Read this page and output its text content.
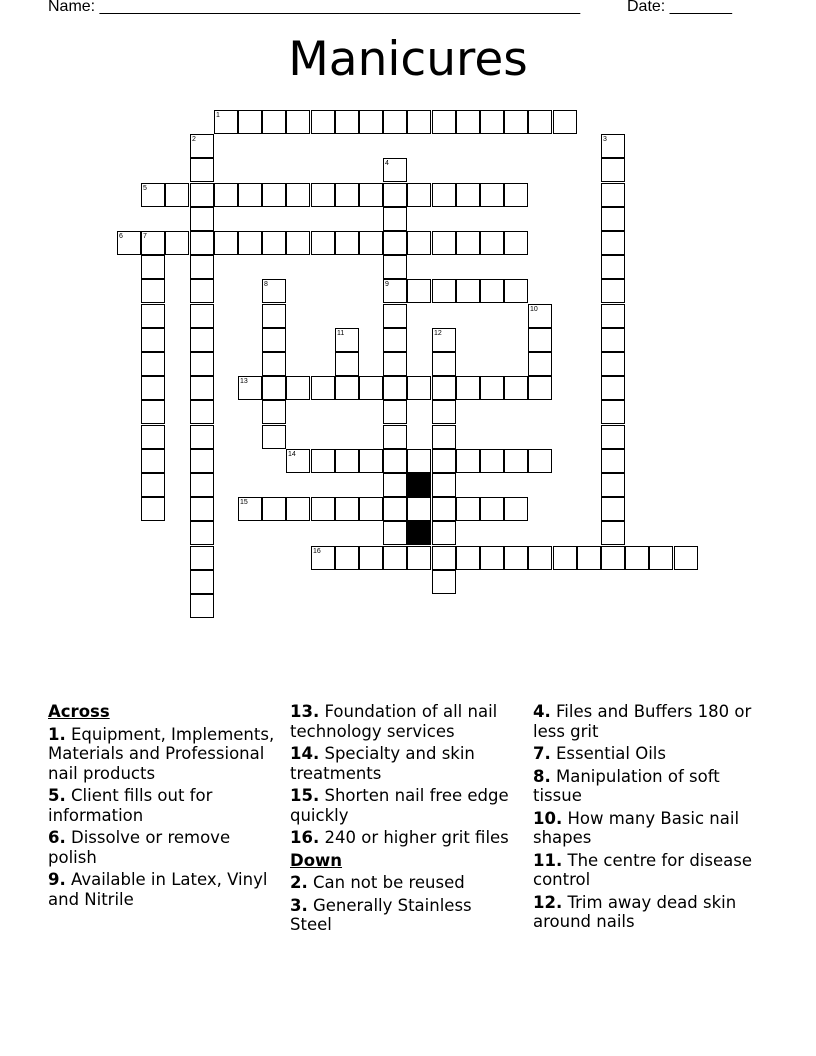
Name: ______________________________________________________	Date: _______
Manicures
1
2	3
4
5
6	7
8	9
10
11	12
13
14
15
16
Across
1. Equipment, Implements, Materials and Professional nail products
5. Client fills out for information
6. Dissolve or remove polish
9. Available in Latex, Vinyl and Nitrile
13. Foundation of all nail technology services
14. Specialty and skin treatments
15. Shorten nail free edge quickly
16. 240 or higher grit files
Down
2. Can not be reused
3. Generally Stainless Steel
4. Files and Buffers 180 or less grit
7. Essential Oils
8. Manipulation of soft tissue
10. How many Basic nail shapes
11. The centre for disease control
12. Trim away dead skin around nails
